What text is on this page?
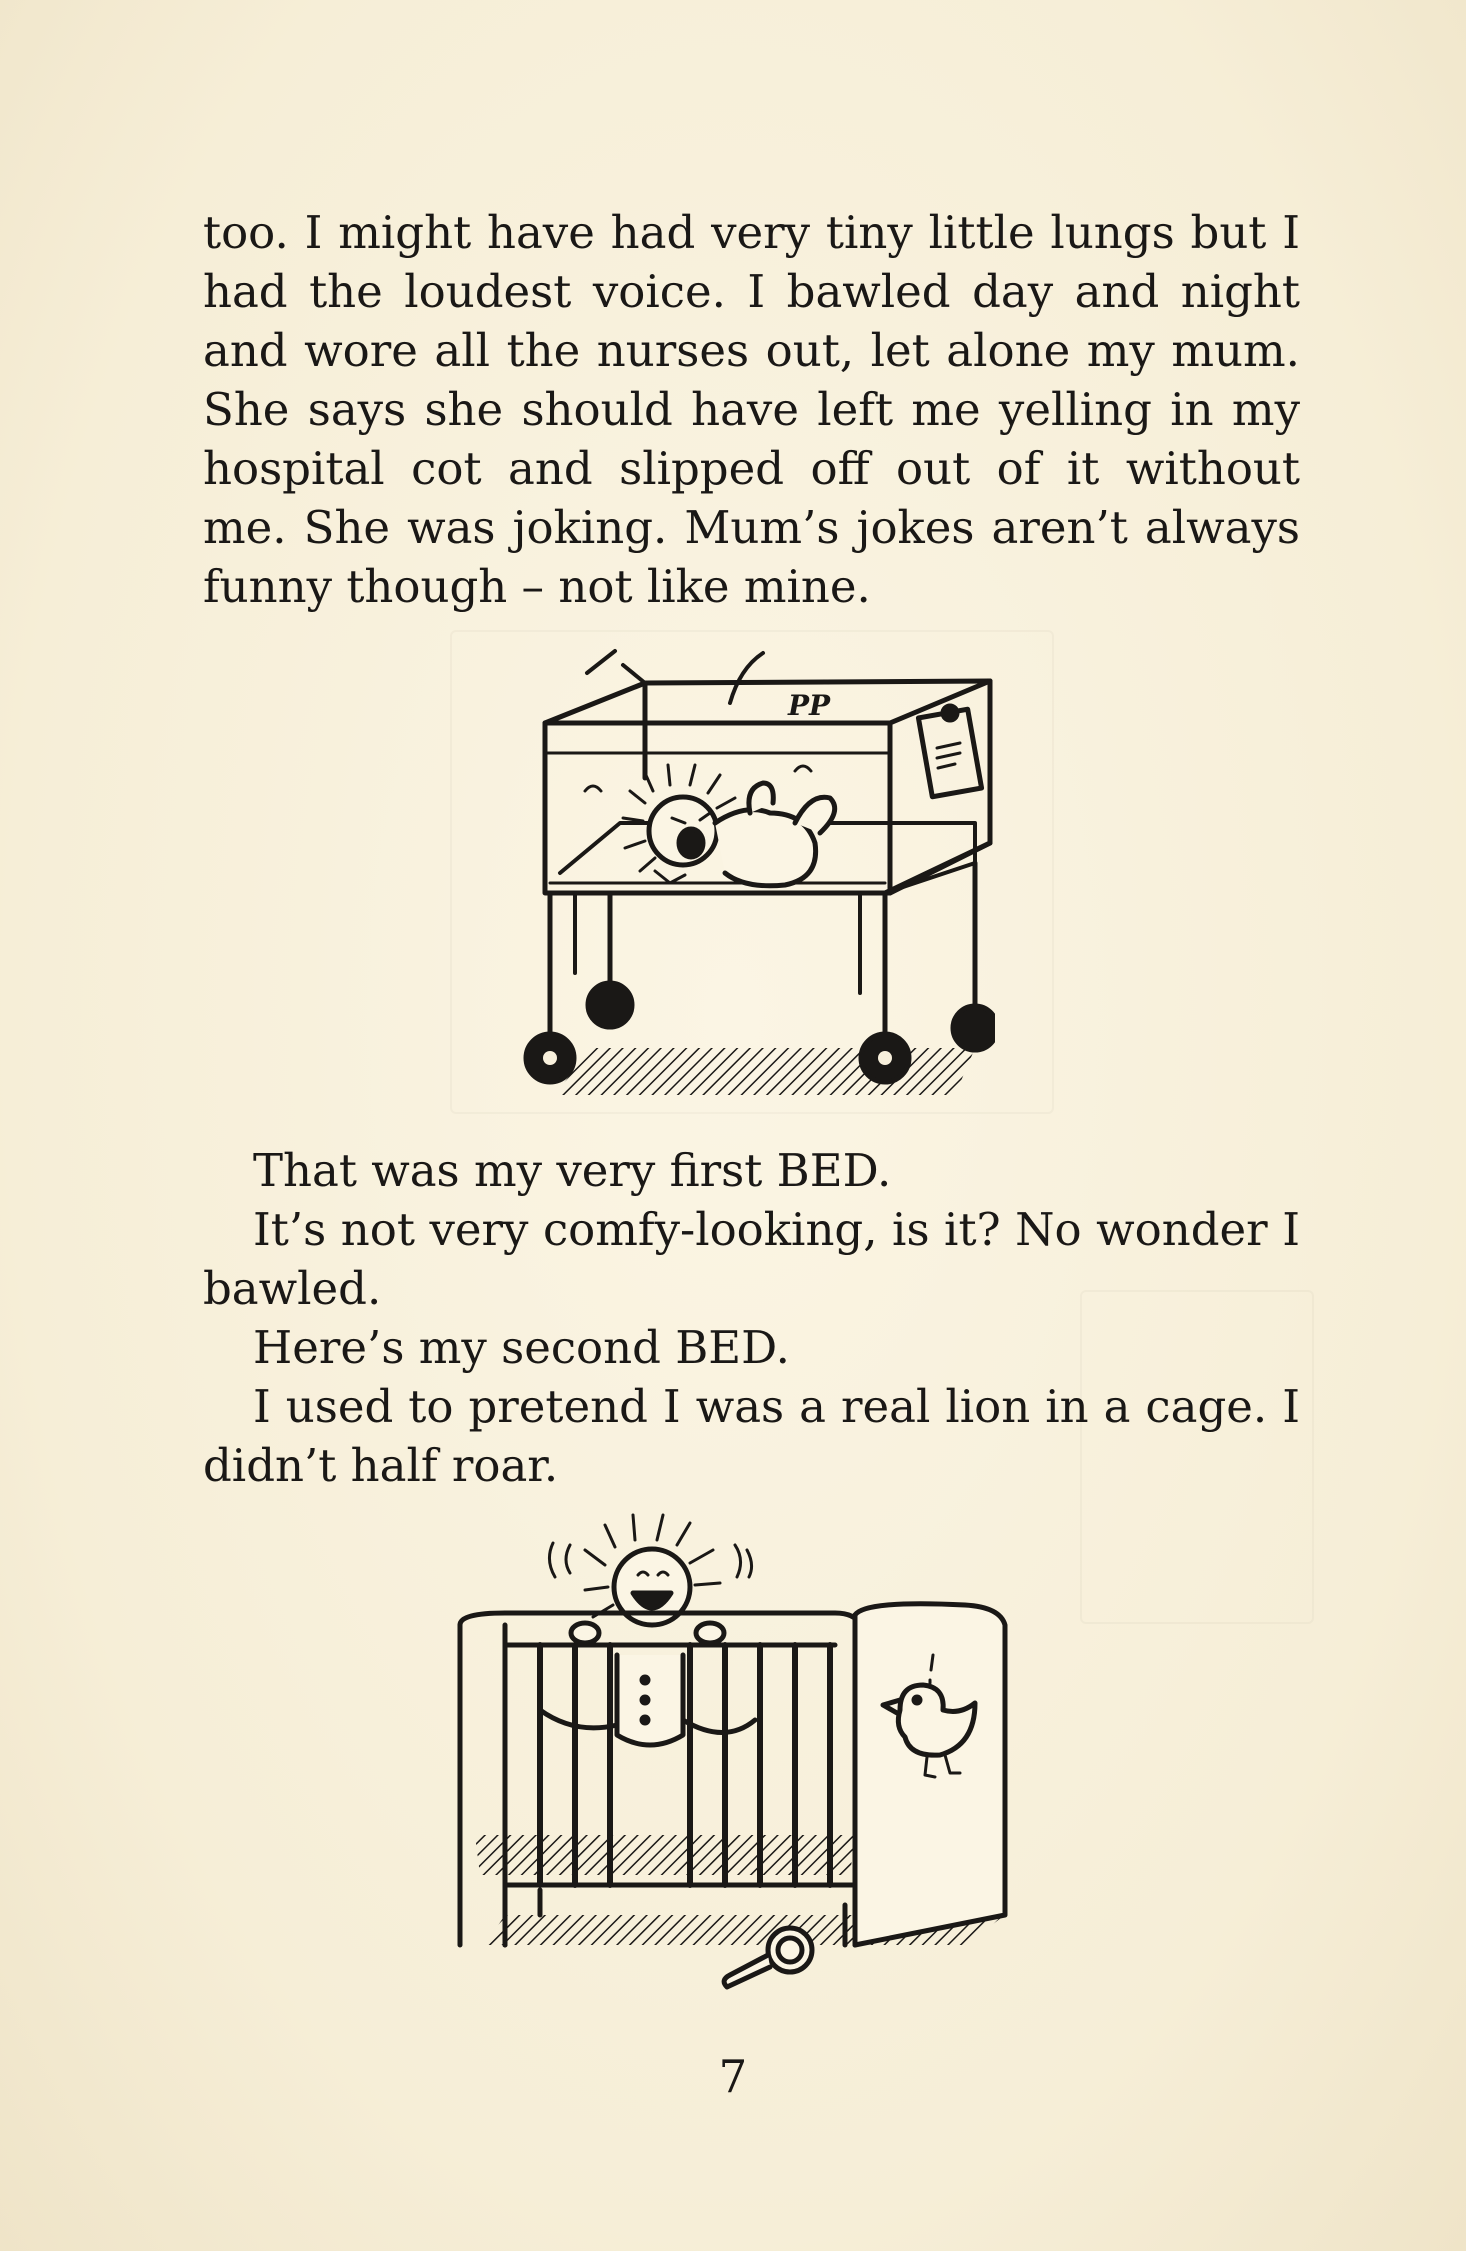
too. I might have had very tiny little lungs but I had the loudest voice. I bawled day and night and wore all the nurses out, let alone my mum. She says she should have left me yelling in my hospital cot and slipped off out of it without me. She was joking. Mum’s jokes aren’t always funny though – not like mine.

PP

That was my very first BED.

It’s not very comfy-looking, is it? No wonder I bawled.

Here’s my second BED.

I used to pretend I was a real lion in a cage. I didn’t half roar.

7
